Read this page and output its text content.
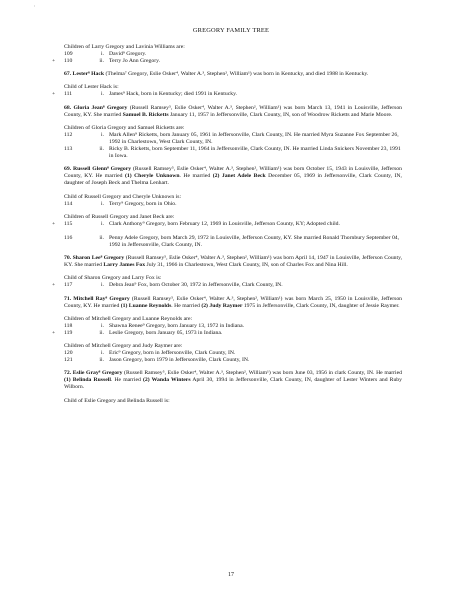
'
GREGORY FAMILY TREE

Children of Larry Gregory and Lavinia Williams are:

109	i. David⁹ Gregory.
+ 110	ii. Terry Jo Ann Gregory.

67. Lester⁸ Hack (Thelma⁷ Gregory, Eslie Osker⁴, Walter A.³, Stephen², William¹) was born in Kentucky, and died 1988 in Kentucky.

Child of Lester Hack is:

+ 111	i. James⁹ Hack, born in Kentucky; died 1991 in Kentucky.

68. Gloria Jean⁸ Gregory (Russell Ramsey⁵, Eslie Osker⁴, Walter A.³, Stephen², William¹) was born March 13, 1941 in Louisville, Jefferson County, KY. She married Samuel B. Ricketts January 11, 1957 in Jeffersonville, Clark County, IN, son of Woodrow Ricketts and Marie Moore.

Children of Gloria Gregory and Samuel Ricketts are:

112	i. Mark Allen⁹ Ricketts, born January 05, 1961 in Jeffersonville, Clark County, IN. He married Myra Suzanne Fox September 26, 1992 in Charlestown, West Clark County, IN.
113	ii. Ricky B. Ricketts, born September 11, 1964 in Jeffersonville, Clark County, IN. He married Linda Snickers November 23, 1991 in Iowa.

69. Russell Glenn⁸ Gregory (Russell Ramsey⁵, Eslie Osker⁴, Walter A.³, Stephen², William¹) was born October 15, 1943 in Louisville, Jefferson County, KY. He married (1) Cheryle Unknown. He married (2) Janet Adele Beck December 05, 1969 in Jeffersonville, Clark County, IN, daughter of Joseph Beck and Thelma Lenhart.

Child of Russell Gregory and Cheryle Unknown is:

114	i. Terry⁹ Gregory, born in Ohio.

Children of Russell Gregory and Janet Beck are:

+ 115	i. Clark Anthony⁹ Gregory, born February 12, 1969 in Louisville, Jefferson County, KY; Adopted child.
116	ii. Penny Adele Gregory, born March 29, 1972 in Louisville, Jefferson County, KY. She married Ronald Thornbury September 04, 1992 in Jeffersonville, Clark County, IN.

70. Sharon Lee⁸ Gregory (Russell Ramsey⁵, Eslie Osker⁴, Walter A.³, Stephen², William¹) was born April 14, 1947 in Louisville, Jefferson County, KY. She married Larry James Fox July 31, 1966 in Charlestown, West Clark County, IN, son of Charles Fox and Nina Hill.

Child of Sharon Gregory and Larry Fox is:

+ 117	i. Debra Jean⁹ Fox, born October 30, 1972 in Jeffersonville, Clark County, IN.

71. Mitchell Ray⁸ Gregory (Russell Ramsey⁵, Eslie Osker⁴, Walter A.³, Stephen², William¹) was born March 25, 1950 in Louisville, Jefferson County, KY. He married (1) Luanne Reynolds. He married (2) Judy Raymer 1975 in Jeffersonville, Clark County, IN, daughter of Jessie Raymer.

Children of Mitchell Gregory and Luanne Reynolds are:

118	i. Shawna Renee⁹ Gregory, born January 13, 1972 in Indiana.
+ 119	ii. Leslie Gregory, born January 05, 1973 in Indiana.

Children of Mitchell Gregory and Judy Raymer are:

120	i. Eric⁹ Gregory, born in Jeffersonville, Clark County, IN.
121	ii. Jason Gregory, born 1979 in Jeffersonville, Clark County, IN.

72. Eslie Gray⁸ Gregory (Russell Ramsey⁵, Eslie Osker⁴, Walter A.³, Stephen², William¹) was born June 03, 1956 in clark County, IN. He married (1) Belinda Russell. He married (2) Wanda Winters April 30, 1994 in Jeffersonville, Clark County, IN, daughter of Lester Winters and Ruby Wilborn.

Child of Eslie Gregory and Belinda Russell is:

17
